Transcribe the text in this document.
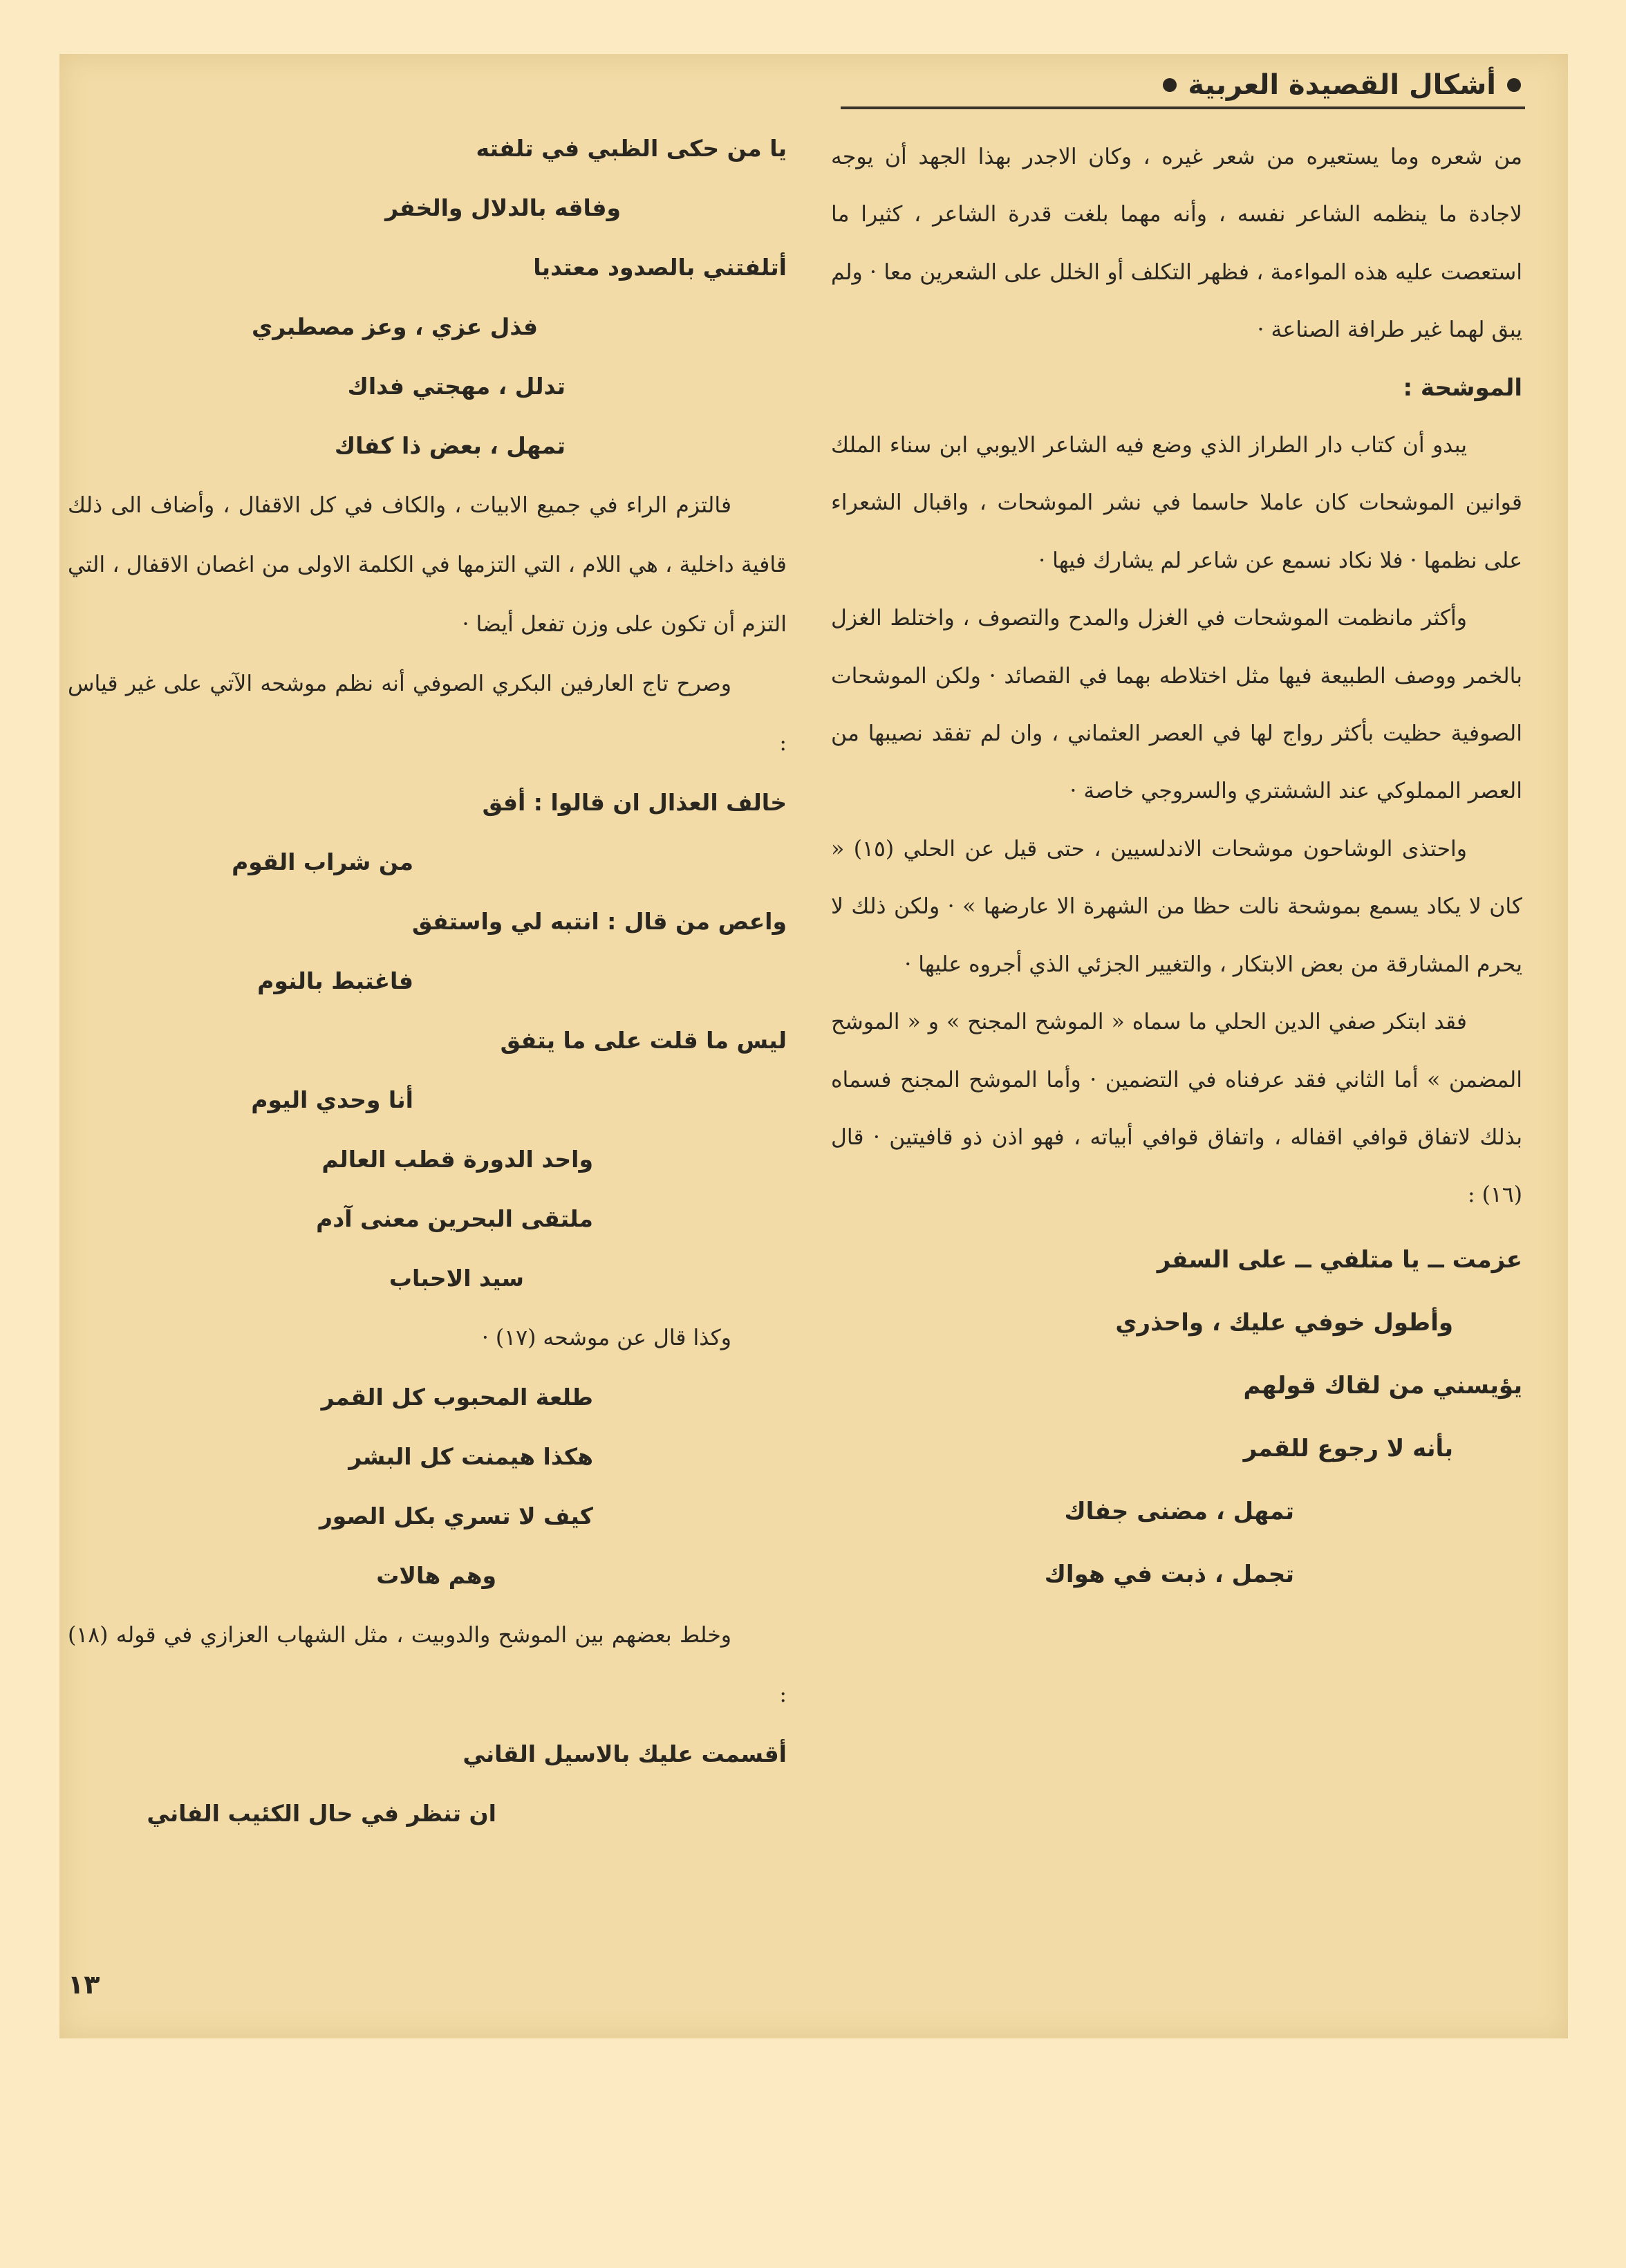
أشكال القصيدة العربية

من شعره وما يستعيره من شعر غيره ، وكان الاجدر بهذا الجهد أن يوجه لاجادة ما ينظمه الشاعر نفسه ، وأنه مهما بلغت قدرة الشاعر ، كثيرا ما استعصت عليه هذه المواءمة ، فظهر التكلف أو الخلل على الشعرين معا · ولم يبق لهما غير طرافة الصناعة ·

الموشحة :

يبدو أن كتاب دار الطراز الذي وضع فيه الشاعر الايوبي ابن سناء الملك قوانين الموشحات كان عاملا حاسما في نشر الموشحات ، واقبال الشعراء على نظمها · فلا نكاد نسمع عن شاعر لم يشارك فيها ·

وأكثر مانظمت الموشحات في الغزل والمدح والتصوف ، واختلط الغزل بالخمر ووصف الطبيعة فيها مثل اختلاطه بهما في القصائد · ولكن الموشحات الصوفية حظيت بأكثر رواج لها في العصر العثماني ، وان لم تفقد نصيبها من العصر المملوكي عند الششتري والسروجي خاصة ·

واحتذى الوشاحون موشحات الاندلسيين ، حتى قيل عن الحلي (١٥) « كان لا يكاد يسمع بموشحة نالت حظا من الشهرة الا عارضها » · ولكن ذلك لا يحرم المشارقة من بعض الابتكار ، والتغيير الجزئي الذي أجروه عليها ·

فقد ابتكر صفي الدين الحلي ما سماه « الموشح المجنح » و « الموشح المضمن » أما الثاني فقد عرفناه في التضمين · وأما الموشح المجنح فسماه بذلك لاتفاق قوافي اقفاله ، واتفاق قوافي أبياته ، فهو اذن ذو قافيتين · قال (١٦) :

عزمت ــ يا متلفي ــ على السفر

وأطول خوفي عليك ، واحذري

يؤيسني من لقاك قولهم

بأنه لا رجوع للقمر

تمهل ، مضنى جفاك

تجمل ، ذبت في هواك

يا من حكى الظبي في تلفته

وفاقه بالدلال والخفر

أتلفتني بالصدود معتديا

فذل عزي ، وعز مصطبري

تدلل ، مهجتي فداك

تمهل ، بعض ذا كفاك

فالتزم الراء في جميع الابيات ، والكاف في كل الاقفال ، وأضاف الى ذلك قافية داخلية ، هي اللام ، التي التزمها في الكلمة الاولى من اغصان الاقفال ، التي التزم أن تكون على وزن تفعل أيضا ·

وصرح تاج العارفين البكري الصوفي أنه نظم موشحه الآتي على غير قياس :

خالف العذال ان قالوا : أفق

من شراب القوم

واعص من قال : انتبه لي واستفق

فاغتبط بالنوم

ليس ما قلت على ما يتفق

أنا وحدي اليوم

واحد الدورة قطب العالم

ملتقى البحرين معنى آدم

سيد الاحباب

وكذا قال عن موشحه (١٧) ·

طلعة المحبوب كل القمر

هكذا هيمنت كل البشر

كيف لا تسري بكل الصور

وهم هالات

وخلط بعضهم بين الموشح والدوبيت ، مثل الشهاب العزازي في قوله (١٨) :

أقسمت عليك بالاسيل القاني

ان تنظر في حال الكئيب الفاني

١٣
